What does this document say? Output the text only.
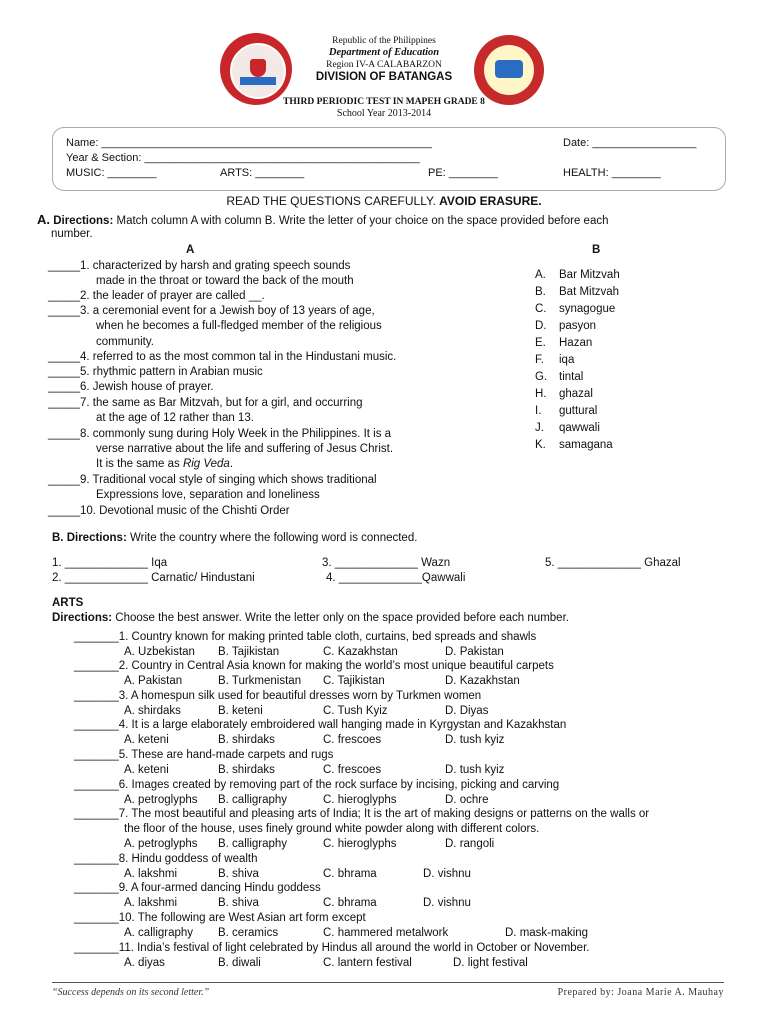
Republic of the Philippines
Department of Education
Region IV-A CALABARZON
DIVISION OF BATANGAS
THIRD PERIODIC TEST IN MAPEH GRADE 8
School Year 2013-2014
Name: ______________________________________________________	Date: _________________
Year & Section: _____________________________________________
MUSIC: ________	ARTS: ________	PE: ________	HEALTH: ________
READ THE QUESTIONS CAREFULLY. AVOID ERASURE.
A. Directions: Match column A with column B. Write the letter of your choice on the space provided before each
number.
A	B
_____1. characterized by harsh and grating speech sounds
made in the throat or toward the back of the mouth
_____2. the leader of prayer are called __.
_____3. a ceremonial event for a Jewish boy of 13 years of age,
when he becomes a full-fledged member of the religious
community.
_____4. referred to as the most common tal in the Hindustani music.
_____5. rhythmic pattern in Arabian music
_____6. Jewish house of prayer.
_____7. the same as Bar Mitzvah, but for a girl, and occurring
at the age of 12 rather than 13.
_____8. commonly sung during Holy Week in the Philippines. It is a
verse narrative about the life and suffering of Jesus Christ.
It is the same as Rig Veda.
_____9. Traditional vocal style of singing which shows traditional
Expressions love, separation and loneliness
_____10. Devotional music of the Chishti Order
A. Bar Mitzvah
B. Bat Mitzvah
C. synagogue
D. pasyon
E. Hazan
F. iqa
G. tintal
H. ghazal
I. guttural
J. qawwali
K. samagana
B. Directions: Write the country where the following word is connected.
1. _____________ Iqa	3. _____________ Wazn	5. _____________ Ghazal
2. _____________ Carnatic/ Hindustani	4. _____________Qawwali
ARTS
Directions: Choose the best answer. Write the letter only on the space provided before each number.
_______1. Country known for making printed table cloth, curtains, bed spreads and shawls
A. Uzbekistan B. Tajikistan	C. Kazakhstan	D. Pakistan
_______2. Country in Central Asia known for making the world’s most unique beautiful carpets
A. Pakistan	B. Turkmenistan C. Tajikistan	D. Kazakhstan
_______3. A homespun silk used for beautiful dresses worn by Turkmen women
A. shirdaks	B. keteni	C. Tush Kyiz	D. Diyas
_______4. It is a large elaborately embroidered wall hanging made in Kyrgystan and Kazakhstan
A. keteni	B. shirdaks	C. frescoes	D. tush kyiz
_______5. These are hand-made carpets and rugs
A. keteni	B. shirdaks	C. frescoes	D. tush kyiz
_______6. Images created by removing part of the rock surface by incising, picking and carving
A. petroglyphs B. calligraphy	C. hieroglyphs	D. ochre
_______7. The most beautiful and pleasing arts of India; It is the art of making designs or patterns on the walls or
the floor of the house, uses finely ground white powder along with different colors.
A. petroglyphs B. calligraphy	C. hieroglyphs	D. rangoli
_______8. Hindu goddess of wealth
A. lakshmi	B. shiva	C. bhrama	D. vishnu
_______9. A four-armed dancing Hindu goddess
A. lakshmi	B. shiva	C. bhrama	D. vishnu
_______10. The following are West Asian art form except
A. calligraphy B. ceramics	C. hammered metalwork	D. mask-making
_______11. India’s festival of light celebrated by Hindus all around the world in October or November.
A. diyas	B. diwali	C. lantern festival	D. light festival
“Success depends on its second letter.”	Prepared by: Joana Marie A. Mauhay
